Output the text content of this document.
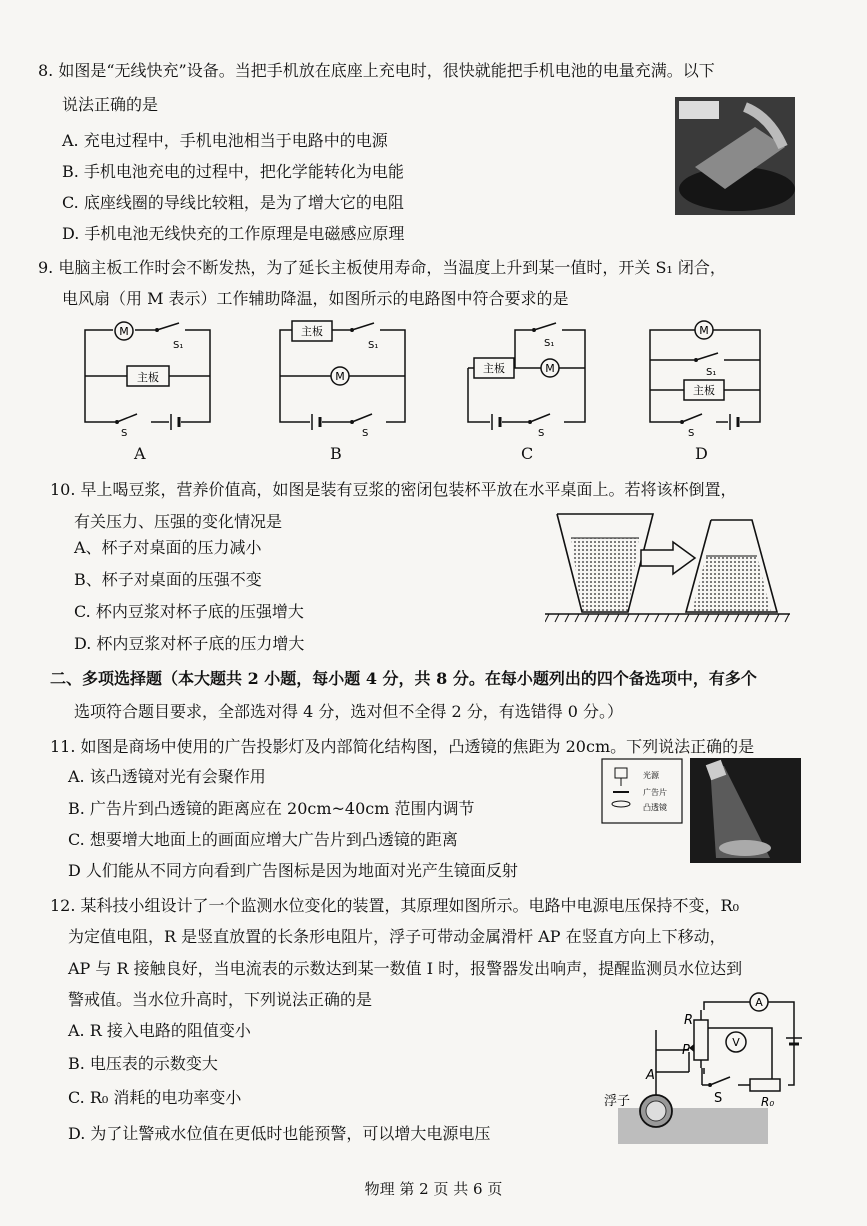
8. 如图是“无线快充”设备。当把手机放在底座上充电时，很快就能把手机电池的电量充满。以下
说法正确的是
A. 充电过程中，手机电池相当于电路中的电源
B. 手机电池充电的过程中，把化学能转化为电能
C. 底座线圈的导线比较粗，是为了增大它的电阻
D. 手机电池无线快充的工作原理是电磁感应原理
9. 电脑主板工作时会不断发热，为了延长主板使用寿命，当温度上升到某一值时，开关 S₁ 闭合，
电风扇（用 M 表示）工作辅助降温，如图所示的电路图中符合要求的是
M
S₁
主板
S
A
主板
S₁
M
S
B
S₁
主板	M
S
C
M
S₁
主板
S
D
10. 早上喝豆浆，营养价值高，如图是装有豆浆的密闭包装杯平放在水平桌面上。若将该杯倒置，
有关压力、压强的变化情况是
A、杯子对桌面的压力减小
B、杯子对桌面的压强不变
C. 杯内豆浆对杯子底的压强增大
D. 杯内豆浆对杯子底的压力增大
二、多项选择题（本大题共 2 小题，每小题 4 分，共 8 分。在每小题列出的四个备选项中，有多个
选项符合题目要求，全部选对得 4 分，选对但不全得 2 分，有选错得 0 分。）
11. 如图是商场中使用的广告投影灯及内部简化结构图，凸透镜的焦距为 20cm。下列说法正确的是
A. 该凸透镜对光有会聚作用
B. 广告片到凸透镜的距离应在 20cm~40cm 范围内调节
C. 想要增大地面上的画面应增大广告片到凸透镜的距离
D 人们能从不同方向看到广告图标是因为地面对光产生镜面反射
光源
广告片
凸透镜
12. 某科技小组设计了一个监测水位变化的装置，其原理如图所示。电路中电源电压保持不变，R₀
为定值电阻，R 是竖直放置的长条形电阻片，浮子可带动金属滑杆 AP 在竖直方向上下移动，
AP 与 R 接触良好，当电流表的示数达到某一数值 I 时，报警器发出响声，提醒监测员水位达到
警戒值。当水位升高时，下列说法正确的是
A. R 接入电路的阻值变小
B. 电压表的示数变大
C. R₀ 消耗的电功率变小
D. 为了让警戒水位值在更低时也能预警，可以增大电源电压
A
V
R
P
A
S	R₀
浮子
物理 第 2 页 共 6 页
